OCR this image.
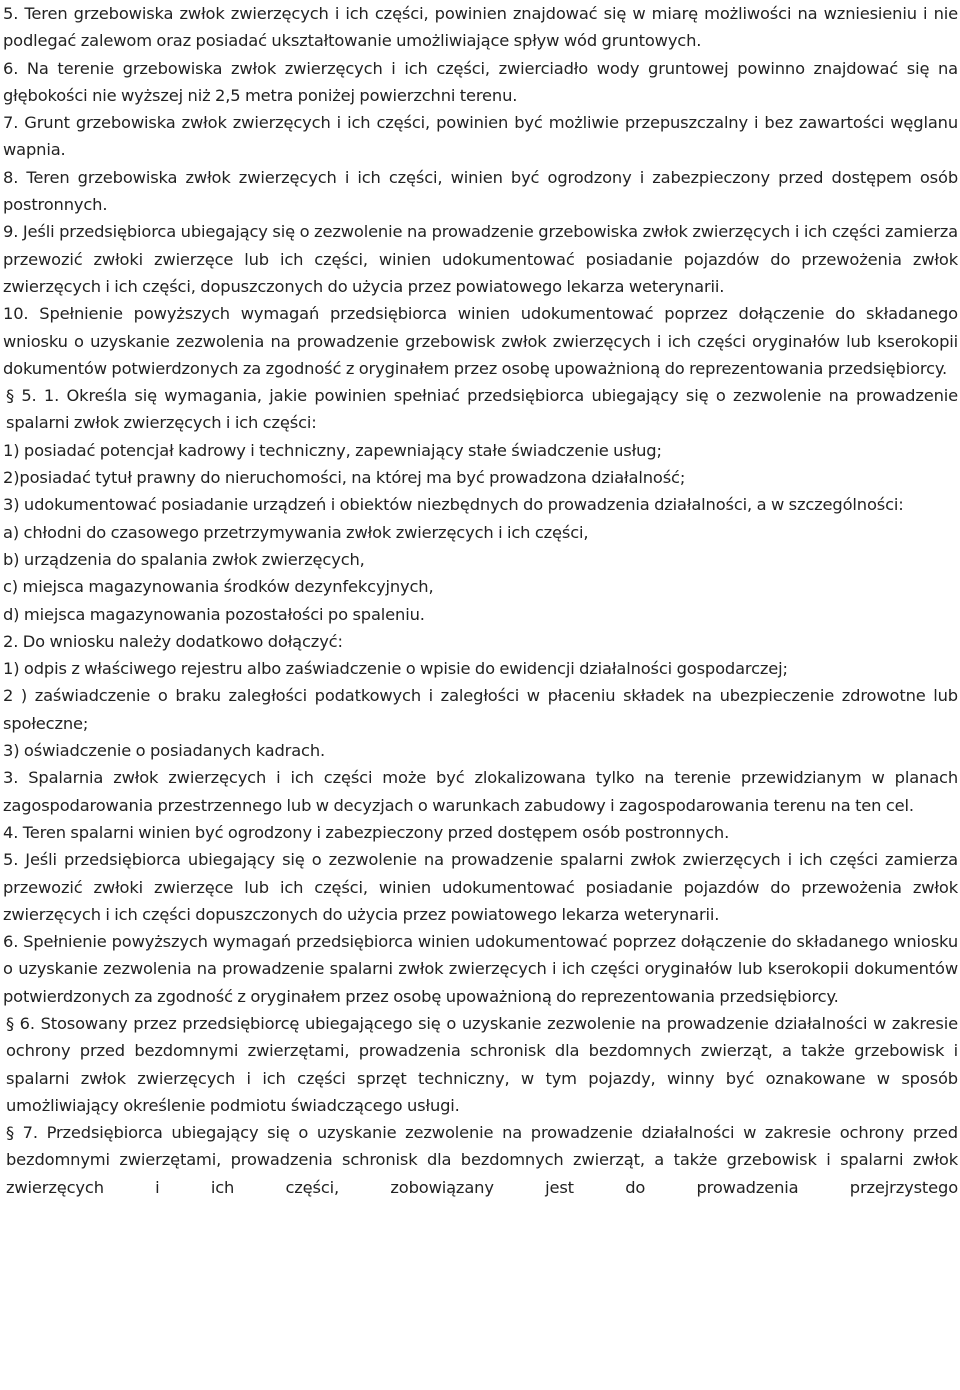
5. Teren grzebowiska zwłok zwierzęcych i ich części, powinien znajdować się w miarę możliwości na wzniesieniu i nie podlegać zalewom oraz posiadać ukształtowanie umożliwiające spływ wód gruntowych.

6. Na terenie grzebowiska zwłok zwierzęcych i ich części, zwierciadło wody gruntowej powinno znajdować się na głębokości nie wyższej niż 2,5 metra poniżej powierzchni terenu.

7. Grunt grzebowiska zwłok zwierzęcych i ich części, powinien być możliwie przepuszczalny i bez zawartości węglanu wapnia.

8. Teren grzebowiska zwłok zwierzęcych i ich części, winien być ogrodzony i zabezpieczony przed dostępem osób postronnych.

9. Jeśli przedsiębiorca ubiegający się o zezwolenie na prowadzenie grzebowiska zwłok zwierzęcych i ich części zamierza przewozić zwłoki zwierzęce lub ich części, winien udokumentować posiadanie pojazdów do przewożenia zwłok zwierzęcych i ich części, dopuszczonych do użycia przez powiatowego lekarza weterynarii.

10. Spełnienie powyższych wymagań przedsiębiorca winien udokumentować poprzez dołączenie do składanego wniosku o uzyskanie zezwolenia na prowadzenie grzebowisk zwłok zwierzęcych i ich części oryginałów lub kserokopii dokumentów potwierdzonych za zgodność z oryginałem przez osobę upoważnioną do reprezentowania przedsiębiorcy.

§ 5. 1. Określa się wymagania, jakie powinien spełniać przedsiębiorca ubiegający się o zezwolenie na prowadzenie spalarni zwłok zwierzęcych i ich części:

1) posiadać potencjał kadrowy i techniczny, zapewniający stałe świadczenie usług;

2)posiadać tytuł prawny do nieruchomości, na której ma być prowadzona działalność;

3) udokumentować posiadanie urządzeń i obiektów niezbędnych do prowadzenia działalności, a w szczególności:

a) chłodni do czasowego przetrzymywania zwłok zwierzęcych i ich części,

b) urządzenia do spalania zwłok zwierzęcych,

c) miejsca magazynowania środków dezynfekcyjnych,

d) miejsca magazynowania pozostałości po spaleniu.

2. Do wniosku należy dodatkowo dołączyć:

1) odpis z właściwego rejestru albo zaświadczenie o wpisie do ewidencji działalności gospodarczej;

2 ) zaświadczenie o braku zaległości podatkowych i zaległości w płaceniu składek na ubezpieczenie zdrowotne lub społeczne;

3) oświadczenie o posiadanych kadrach.

3. Spalarnia zwłok zwierzęcych i ich części może być zlokalizowana tylko na terenie przewidzianym w planach zagospodarowania przestrzennego lub w decyzjach o warunkach zabudowy i zagospodarowania terenu na ten cel.

4. Teren spalarni winien być ogrodzony i zabezpieczony przed dostępem osób postronnych.

5. Jeśli przedsiębiorca ubiegający się o zezwolenie na prowadzenie spalarni zwłok zwierzęcych i ich części zamierza przewozić zwłoki zwierzęce lub ich części, winien udokumentować posiadanie pojazdów do przewożenia zwłok zwierzęcych i ich części dopuszczonych do użycia przez powiatowego lekarza weterynarii.

6. Spełnienie powyższych wymagań przedsiębiorca winien udokumentować poprzez dołączenie do składanego wniosku o uzyskanie zezwolenia na prowadzenie spalarni zwłok zwierzęcych i ich części oryginałów lub kserokopii dokumentów potwierdzonych za zgodność z oryginałem przez osobę upoważnioną do reprezentowania przedsiębiorcy.

§ 6. Stosowany przez przedsiębiorcę ubiegającego się o uzyskanie zezwolenie na prowadzenie działalności w zakresie ochrony przed bezdomnymi zwierzętami, prowadzenia schronisk dla bezdomnych zwierząt, a także grzebowisk i spalarni zwłok zwierzęcych i ich części sprzęt techniczny, w tym pojazdy, winny być oznakowane w sposób umożliwiający określenie podmiotu świadczącego usługi.

§ 7. Przedsiębiorca ubiegający się o uzyskanie zezwolenie na prowadzenie działalności w zakresie ochrony przed bezdomnymi zwierzętami, prowadzenia schronisk dla bezdomnych zwierząt, a także grzebowisk i spalarni zwłok zwierzęcych i ich części, zobowiązany jest do prowadzenia przejrzystego
